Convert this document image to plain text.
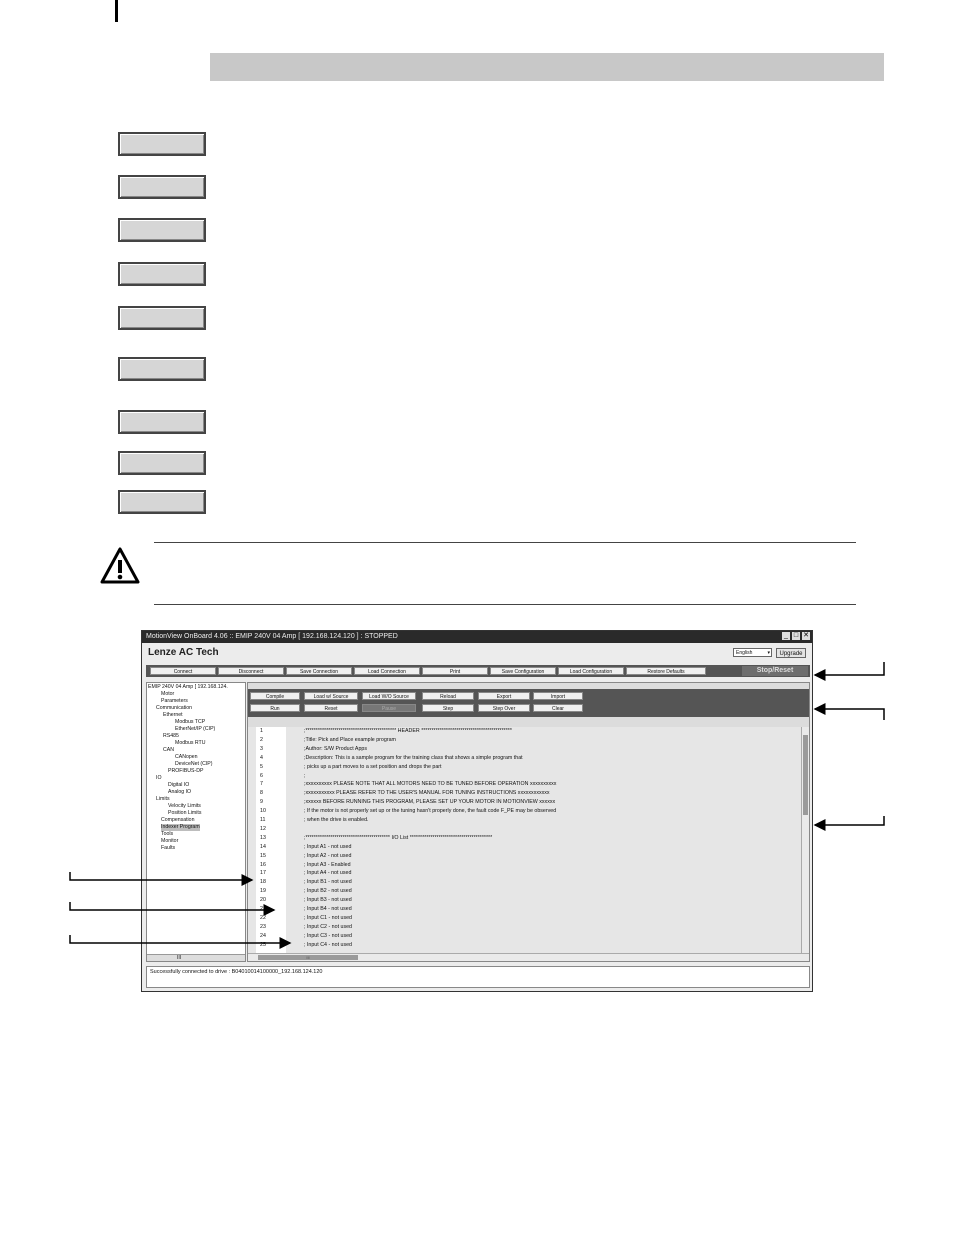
MotionView OnBoard 4.06 :: EMIP 240V 04 Amp [ 192.168.124.120 ] : STOPPED	_ □ ✕
Lenze AC Tech	English	▾	Upgrade
Connect	Disconnect	Save Connection	Load Connection	Print	Save Configuration	Load Configuration	Restore Defaults	Stop/Reset
EMIP 240V 04 Amp [ 192.168.124.
Motor
Parameters
Communication
Ethernet
Modbus TCP
EtherNet/IP (CIP)
RS485
Modbus RTU
CAN
CANopen
DeviceNet (CIP)
PROFIBUS-DP
IO
Digital IO
Analog IO
Limits
Velocity Limits
Position Limits
Compensation
Indexer Program
Tools
Monitor
Faults
III
Compile	Load w/ Source	Load W/O Source	Reload	Export	Import
Run	Reset	Pause	Step	Step Over	Clear
1	;******************************************** HEADER ********************************************
2	;Title: Pick and Place example program
3	;Author: S/W Product Apps
4	;Description: This is a sample program for the training class that shows a simple program that
5	; picks up a part moves to a set position and drops the part
6	;
7	;xxxxxxxxxx PLEASE NOTE THAT ALL MOTORS NEED TO BE TUNED BEFORE OPERATION xxxxxxxxxx
8	;xxxxxxxxxxx PLEASE REFER TO THE USER'S MANUAL FOR TUNING INSTRUCTIONS xxxxxxxxxxxx
9	;xxxxxx BEFORE RUNNING THIS PROGRAM, PLEASE SET UP YOUR MOTOR IN MOTIONVIEW xxxxxx
10	; If the motor is not properly set up or the tuning hasn't properly done, the fault code F_PE may be observed
11	; when the drive is enabled.
12
13	;***************************************** I/O List ****************************************
14	; Input A1 - not used
15	; Input A2 - not used
16	; Input A3 - Enabled
17	; Input A4 - not used
18	; Input B1 - not used
19	; Input B2 - not used
20	; Input B3 - not used
21	; Input B4 - not used
22	; Input C1 - not used
23	; Input C2 - not used
24	; Input C3 - not used
25	; Input C4 - not used
III
Successfully connected to drive : B04010014100000_192.168.124.120
